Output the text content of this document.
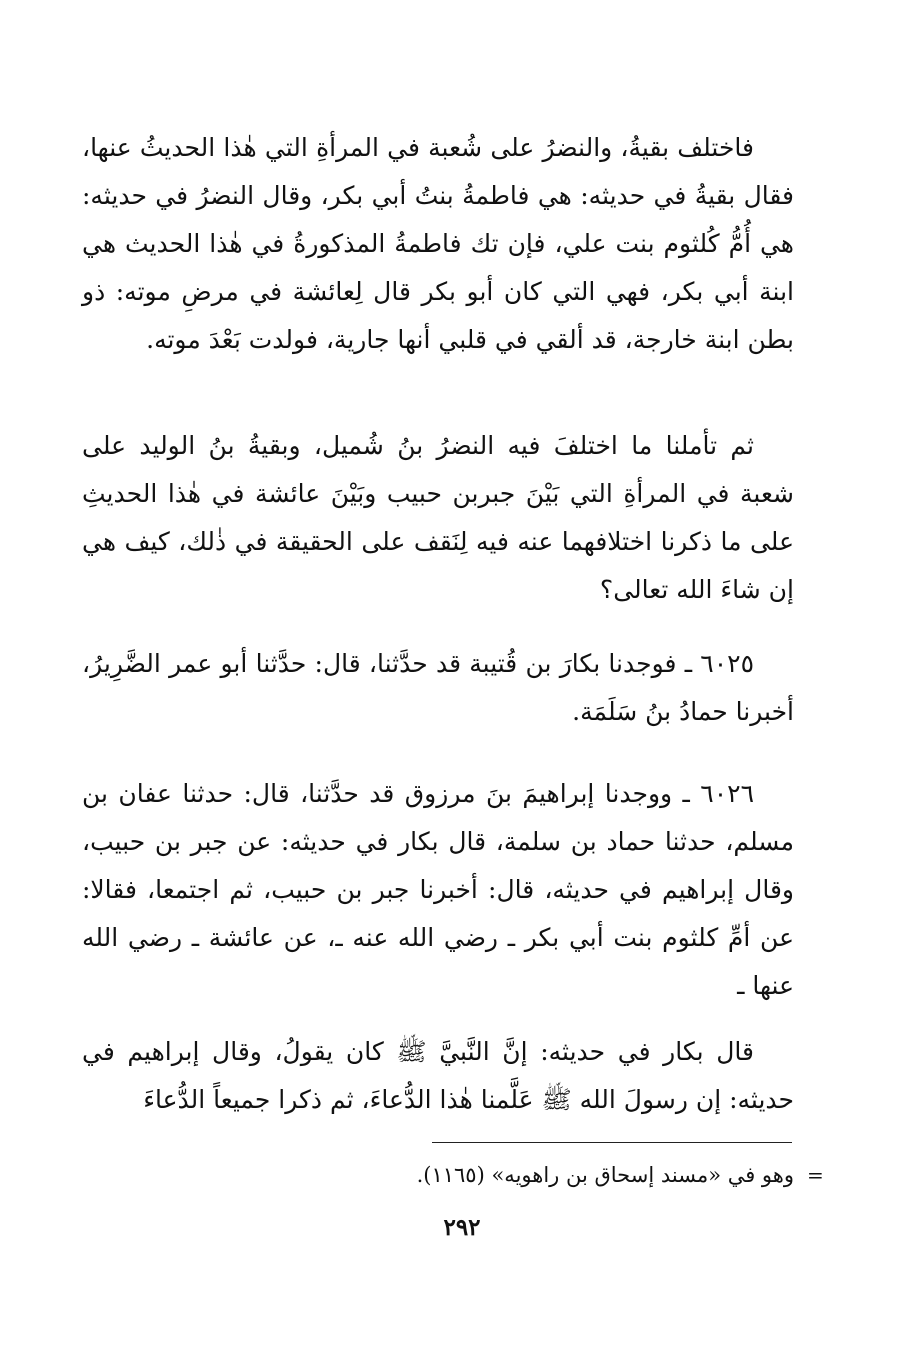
فاختلف بقيةُ، والنضرُ على شُعبة في المرأةِ التي هٰذا الحديثُ عنها، فقال بقيةُ في حديثه: هي فاطمةُ بنتُ أبي بكر، وقال النضرُ في حديثه: هي أُمُّ كُلثوم بنت علي، فإن تك فاطمةُ المذكورةُ في هٰذا الحديث هي ابنة أبي بكر، فهي التي كان أبو بكر قال لِعائشة في مرضِ موته: ذو بطن ابنة خارجة، قد ألقي في قلبي أنها جارية، فولدت بَعْدَ موته.

ثم تأملنا ما اختلفَ فيه النضرُ بنُ شُميل، وبقيةُ بنُ الوليد على شعبة في المرأةِ التي بَيْنَ جبربن حبيب وبَيْنَ عائشة في هٰذا الحديثِ على ما ذكرنا اختلافهما عنه فيه لِنَقف على الحقيقة في ذٰلك، كيف هي إن شاءَ الله تعالى؟

٦٠٢٥ ـ فوجدنا بكارَ بن قُتيبة قد حدَّثنا، قال: حدَّثنا أبو عمر الضَّرِيرُ، أخبرنا حمادُ بنُ سَلَمَة.

٦٠٢٦ ـ ووجدنا إبراهيمَ بنَ مرزوق قد حدَّثنا، قال: حدثنا عفان بن مسلم، حدثنا حماد بن سلمة، قال بكار في حديثه: عن جبر بن حبيب، وقال إبراهيم في حديثه، قال: أخبرنا جبر بن حبيب، ثم اجتمعا، فقالا: عن أمِّ كلثوم بنت أبي بكر ـ رضي الله عنه ـ، عن عائشة ـ رضي الله عنها ـ

قال بكار في حديثه: إنَّ النَّبيَّ ﷺ كان يقولُ، وقال إبراهيم في حديثه: إن رسولَ الله ﷺ عَلَّمنا هٰذا الدُّعاءَ، ثم ذكرا جميعاً الدُّعاءَ

=

وهو في «مسند إسحاق بن راهويه» (١١٦٥).

٢٩٢
